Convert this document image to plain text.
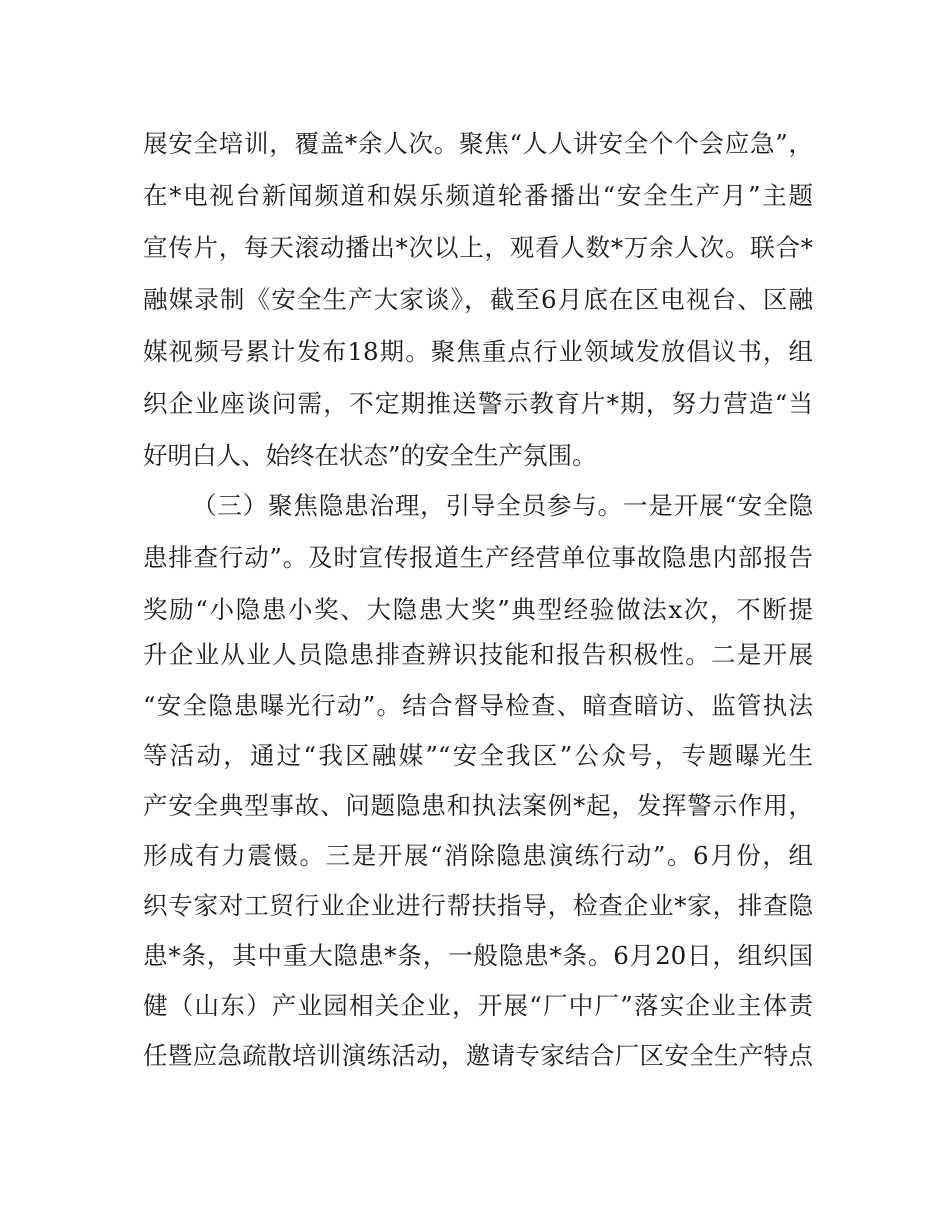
展安全培训，覆盖*余人次。聚焦“人人讲安全个个会应急”，
在*电视台新闻频道和娱乐频道轮番播出“安全生产月”主题
宣传片，每天滚动播出*次以上，观看人数*万余人次。联合*
融媒录制《安全生产大家谈》，截至6月底在区电视台、区融
媒视频号累计发布18期。聚焦重点行业领域发放倡议书，组
织企业座谈问需，不定期推送警示教育片*期，努力营造“当
好明白人、始终在状态”的安全生产氛围。
（三）聚焦隐患治理，引导全员参与。一是开展“安全隐
患排查行动”。及时宣传报道生产经营单位事故隐患内部报告
奖励“小隐患小奖、大隐患大奖”典型经验做法x次，不断提
升企业从业人员隐患排查辨识技能和报告积极性。二是开展
“安全隐患曝光行动”。结合督导检查、暗查暗访、监管执法
等活动，通过“我区融媒”“安全我区”公众号，专题曝光生
产安全典型事故、问题隐患和执法案例*起，发挥警示作用，
形成有力震慑。三是开展“消除隐患演练行动”。6月份，组
织专家对工贸行业企业进行帮扶指导，检查企业*家，排查隐
患*条，其中重大隐患*条，一般隐患*条。6月20日，组织国
健（山东）产业园相关企业，开展“厂中厂”落实企业主体责
任暨应急疏散培训演练活动，邀请专家结合厂区安全生产特点
